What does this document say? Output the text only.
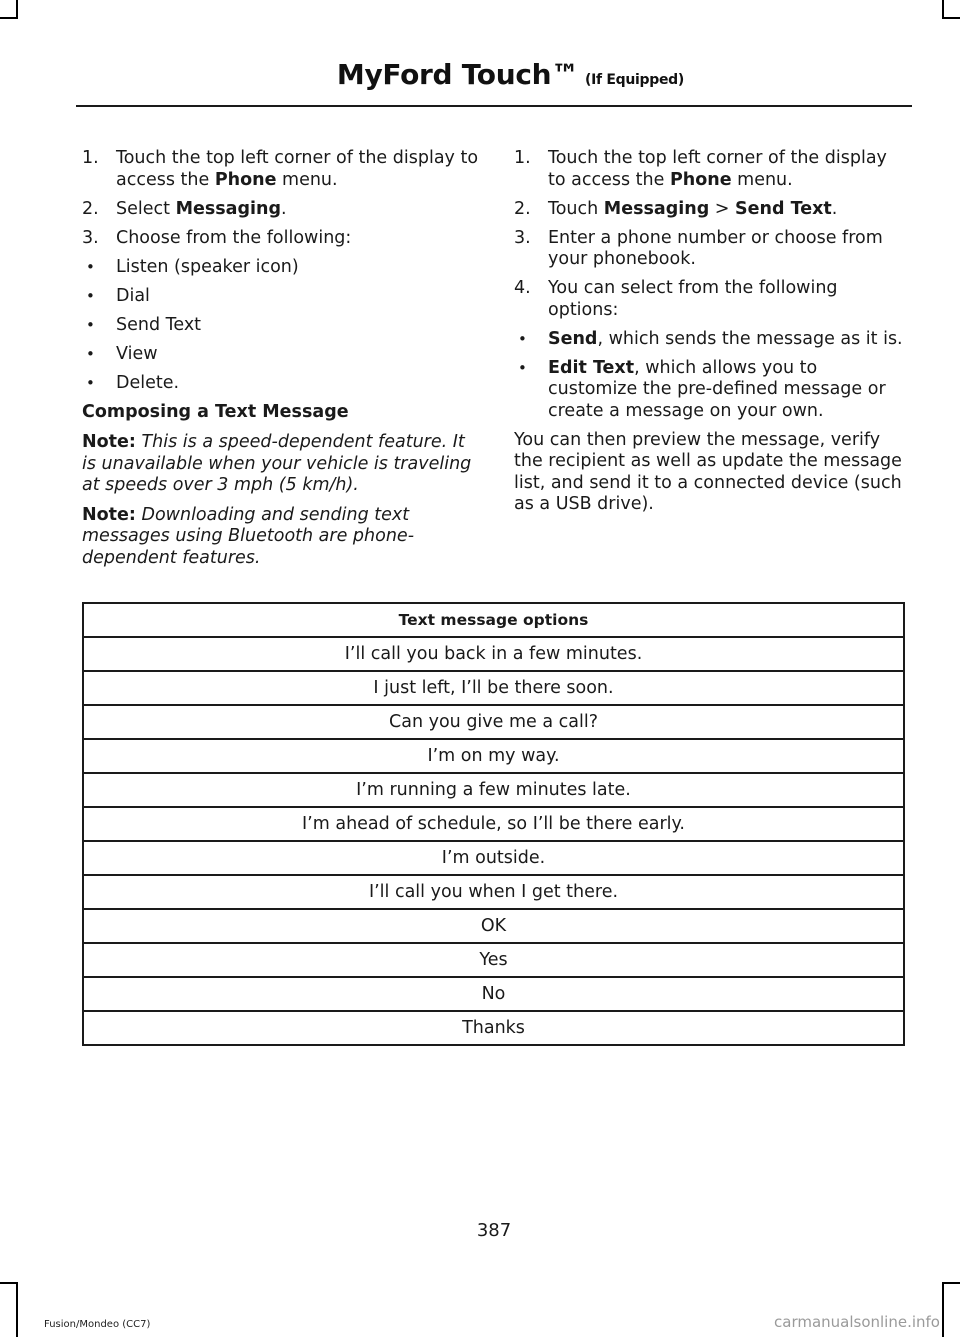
MyFord Touch™ (If Equipped)
1. Touch the top left corner of the display to access the Phone menu.
2. Select Messaging.
3. Choose from the following:
•	Listen (speaker icon)
•	Dial
•	Send Text
•	View
•	Delete.
Composing a Text Message

Note: This is a speed-dependent feature. It is unavailable when your vehicle is traveling at speeds over 3 mph (5 km/h).

Note: Downloading and sending text messages using Bluetooth are phone-dependent features.

1. Touch the top left corner of the display to access the Phone menu.
2. Touch Messaging > Send Text.
3. Enter a phone number or choose from your phonebook.
4. You can select from the following options:
•	Send, which sends the message as it is.
•	Edit Text, which allows you to customize the pre-defined message or create a message on your own.

You can then preview the message, verify the recipient as well as update the message list, and send it to a connected device (such as a USB drive).

Text message options
I’ll call you back in a few minutes.
I just left, I’ll be there soon.
Can you give me a call?
I’m on my way.
I’m running a few minutes late.
I’m ahead of schedule, so I’ll be there early.
I’m outside.
I’ll call you when I get there.
OK
Yes
No
Thanks
387
Fusion/Mondeo (CC7)	carmanualsonline.info
